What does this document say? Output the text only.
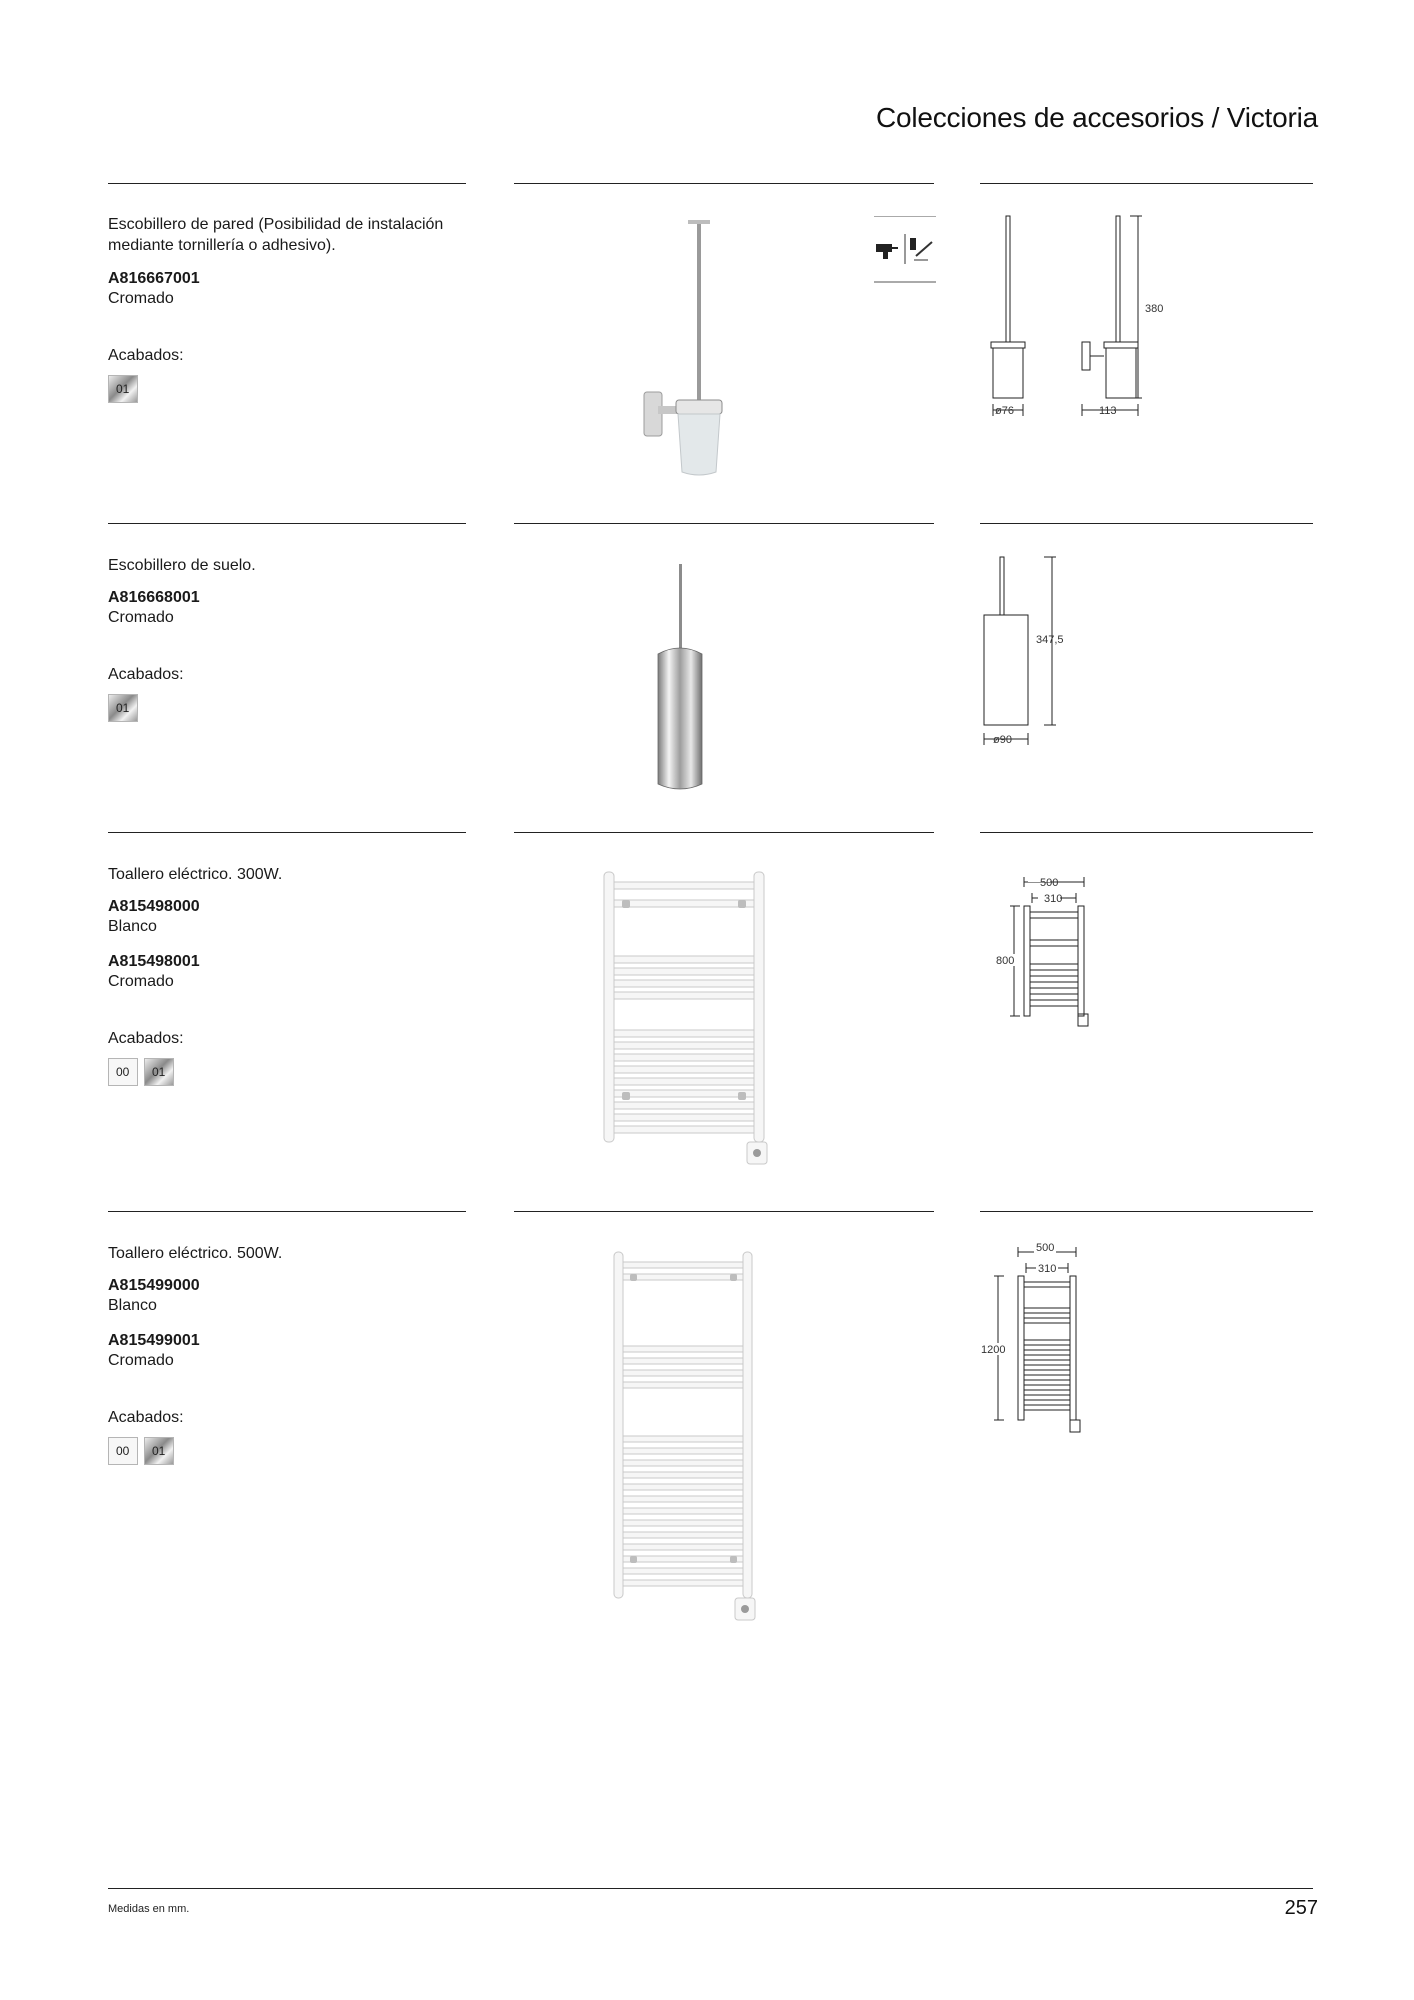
Colecciones de accesorios / Victoria
Escobillero de pared (Posibilidad de instalación mediante tornillería o adhesivo).
A816667001
Cromado
Acabados:
01
380
ø76	113
Escobillero de suelo.
A816668001
Cromado
Acabados:
01
347,5
ø90
Toallero eléctrico. 300W.
A815498000
Blanco
A815498001
Cromado
Acabados:
00	01
500
310
800
Toallero eléctrico. 500W.
A815499000
Blanco
A815499001
Cromado
Acabados:
00	01
500
310
1200
Medidas en mm.	257
